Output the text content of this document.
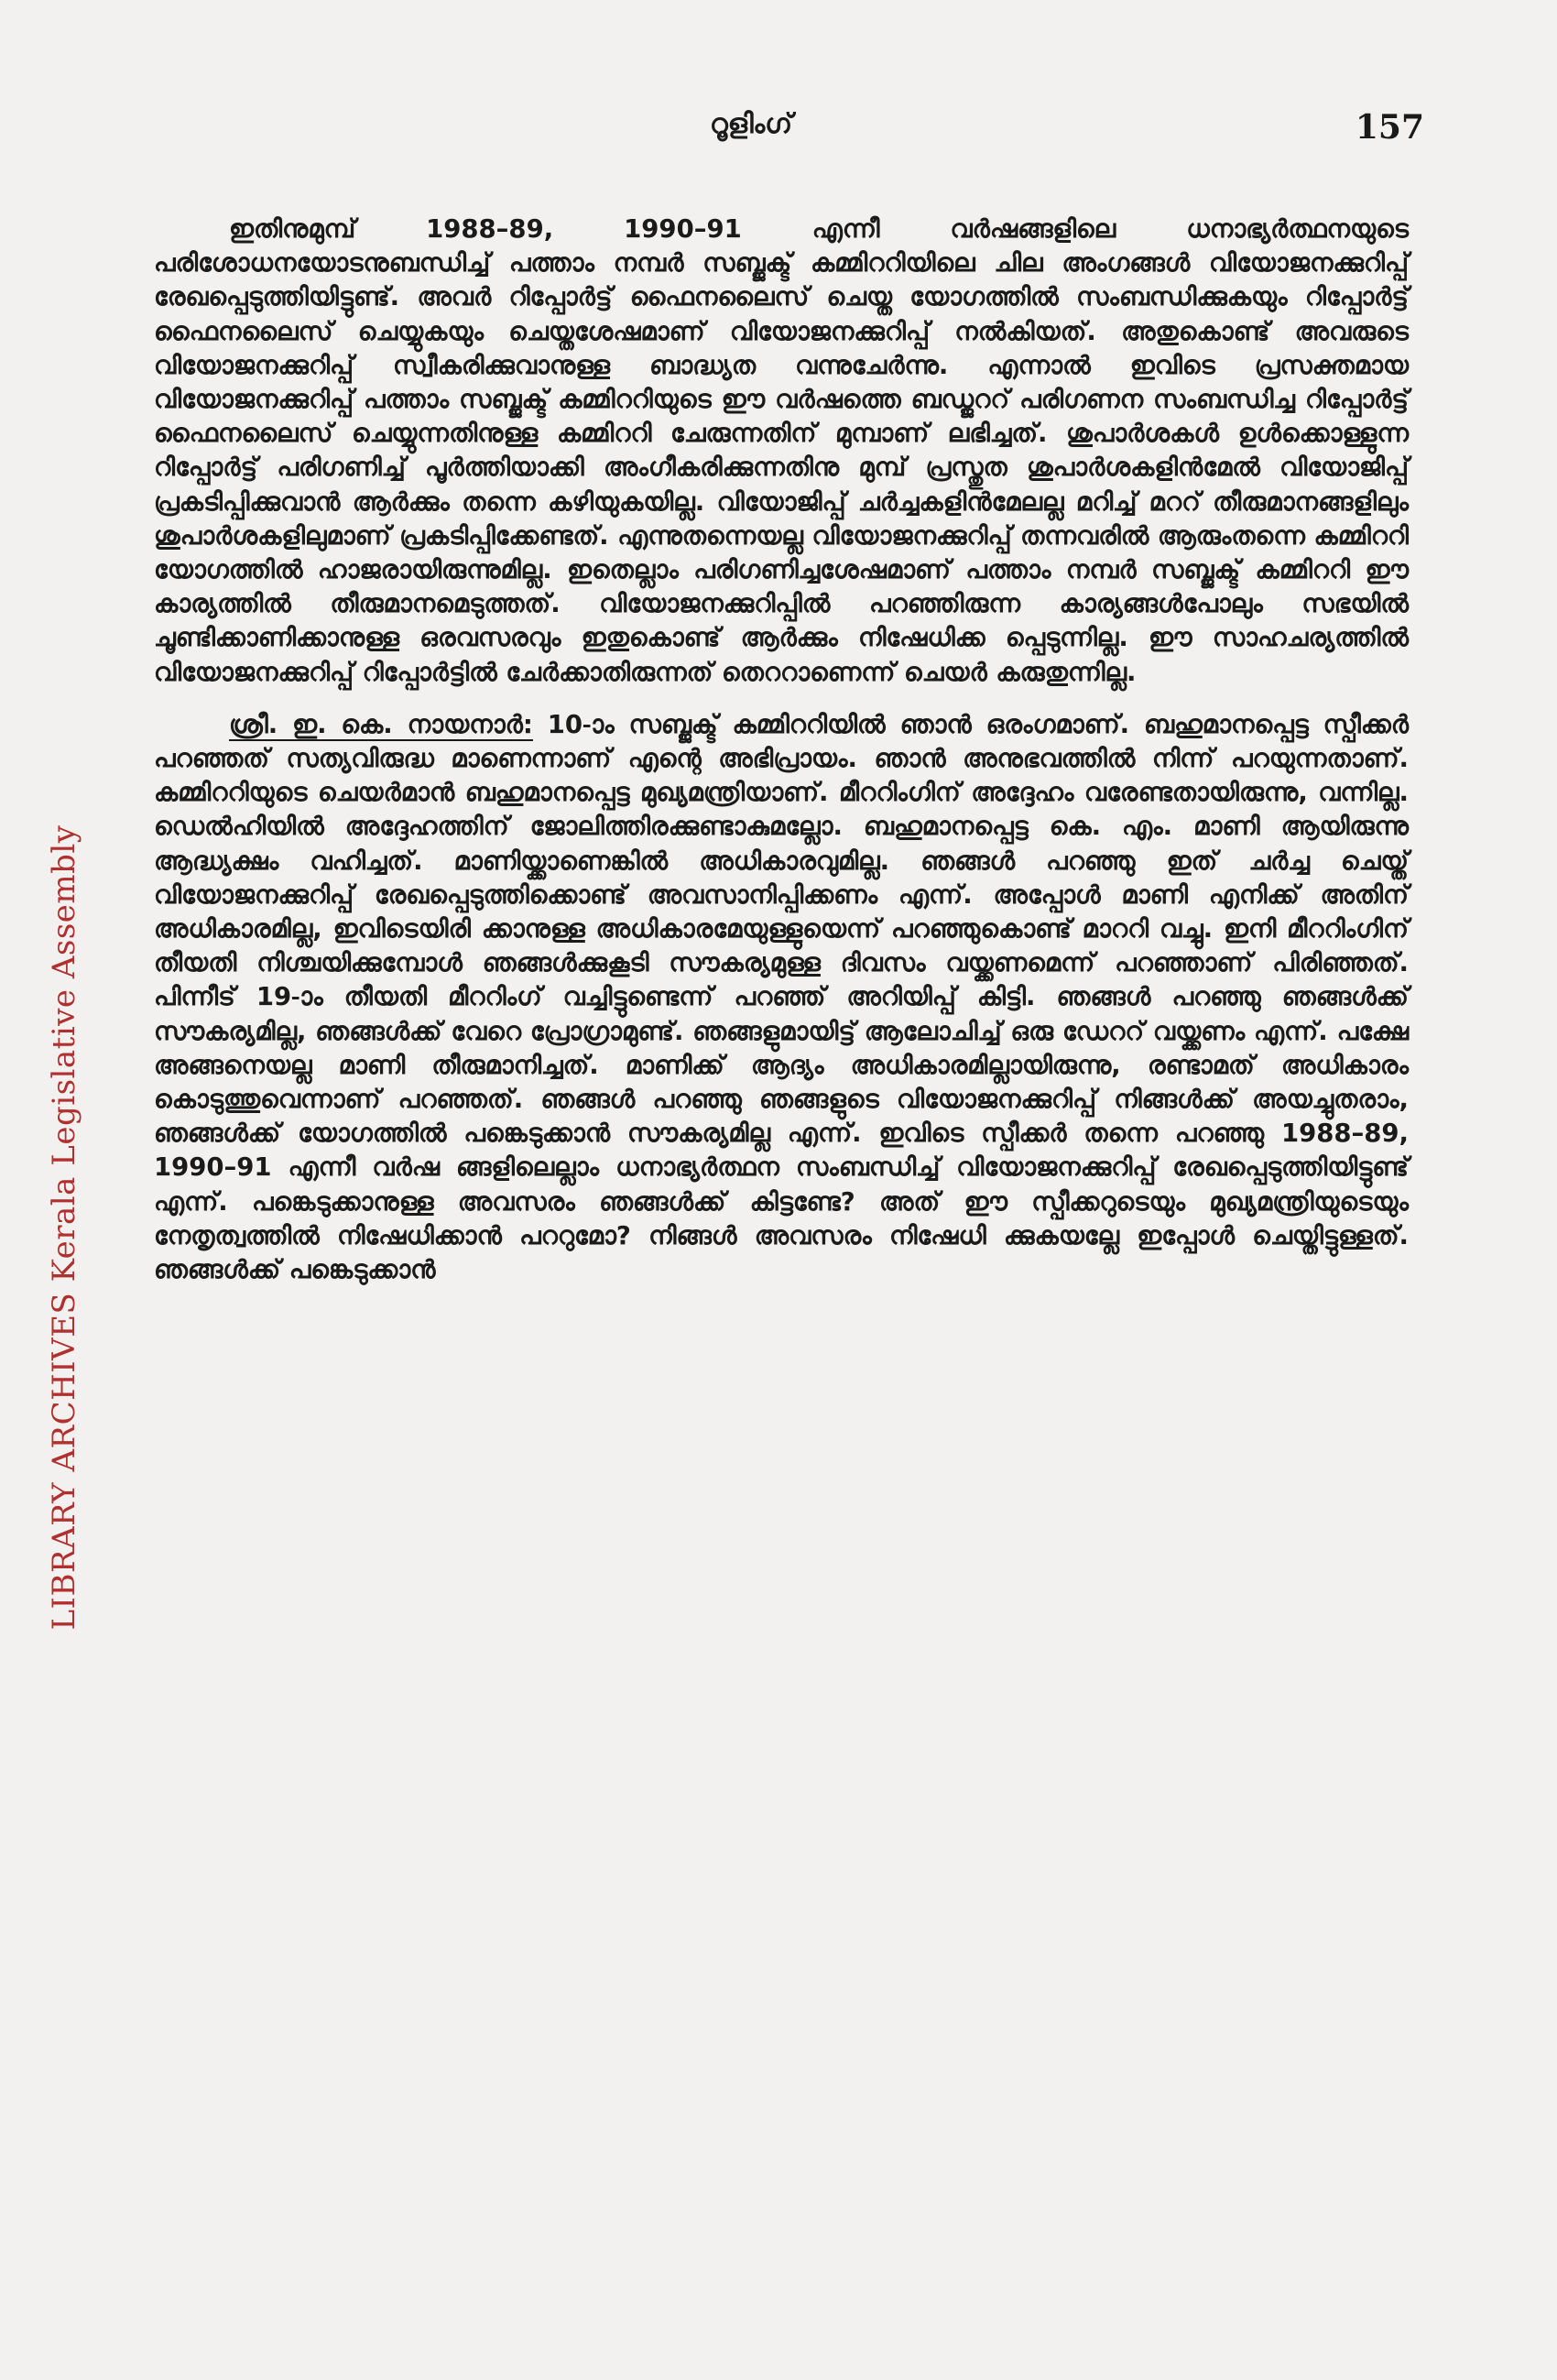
റൂളിംഗ്	157
LIBRARY ARCHIVES Kerala Legislative Assembly

ഇതിനുമുമ്പ് 1988–89, 1990–91 എന്നീ വർഷങ്ങളിലെ ധനാഭ്യർത്ഥനയുടെ പരിശോധനയോടനുബന്ധിച്ച് പത്താം നമ്പർ സബ്ജക്ട് കമ്മിററിയിലെ ചില അംഗങ്ങൾ വിയോജനക്കുറിപ്പ് രേഖപ്പെടുത്തിയിട്ടുണ്ട്. അവർ റിപ്പോർട്ട് ഫൈനലൈസ് ചെയ്ത യോഗത്തിൽ സംബന്ധിക്കുകയും റിപ്പോർട്ട് ഫൈനലൈസ് ചെയ്യുകയും ചെയ്തശേഷമാണ് വിയോജനക്കുറിപ്പ് നൽകിയത്. അതുകൊണ്ട് അവരുടെ വിയോജനക്കുറിപ്പ് സ്വീകരിക്കുവാനുള്ള ബാദ്ധ്യത വന്നുചേർന്നു. എന്നാൽ ഇവിടെ പ്രസക്തമായ വിയോജനക്കുറിപ്പ് പത്താം സബ്ജക്ട് കമ്മിററിയുടെ ഈ വർഷത്തെ ബഡ്ജററ് പരിഗണന സംബന്ധിച്ച റിപ്പോർട്ട് ഫൈനലൈസ് ചെയ്യുന്നതിനുള്ള കമ്മിററി ചേരുന്നതിന് മുമ്പാണ് ലഭിച്ചത്. ശുപാർശകൾ ഉൾക്കൊള്ളുന്ന റിപ്പോർട്ട് പരിഗണിച്ച് പൂർത്തിയാക്കി അംഗീകരിക്കുന്നതിനു മുമ്പ് പ്രസ്തുത ശുപാർശകളിൻമേൽ വിയോജിപ്പ് പ്രകടിപ്പിക്കുവാൻ ആർക്കും തന്നെ കഴിയുകയില്ല. വിയോജിപ്പ് ചർച്ചകളിൻമേലല്ല മറിച്ച് മററ് തീരുമാനങ്ങളിലും ശുപാർശകളിലുമാണ് പ്രകടിപ്പിക്കേണ്ടത്. എന്നുതന്നെയല്ല വിയോജനക്കുറിപ്പ് തന്നവരിൽ ആരുംതന്നെ കമ്മിററി യോഗത്തിൽ ഹാജരായിരുന്നുമില്ല. ഇതെല്ലാം പരിഗണിച്ചശേഷമാണ് പത്താം നമ്പർ സബ്ജക്ട് കമ്മിററി ഈ കാര്യത്തിൽ തീരുമാനമെടുത്തത്. വിയോജനക്കുറിപ്പിൽ പറഞ്ഞിരുന്ന കാര്യങ്ങൾപോലും സഭയിൽ ചൂണ്ടിക്കാണിക്കാനുള്ള ഒരവസരവും ഇതുകൊണ്ട് ആർക്കും നിഷേധിക്ക പ്പെടുന്നില്ല. ഈ സാഹചര്യത്തിൽ വിയോജനക്കുറിപ്പ് റിപ്പോർട്ടിൽ ചേർക്കാതിരുന്നത് തെററാണെന്ന് ചെയർ കരുതുന്നില്ല.

ശ്രീ. ഇ. കെ. നായനാർ: 10-ാം സബ്ജക്ട് കമ്മിററിയിൽ ഞാൻ ഒരംഗമാണ്. ബഹുമാനപ്പെട്ട സ്പീക്കർ പറഞ്ഞത് സത്യവിരുദ്ധ മാണെന്നാണ് എന്റെ അഭിപ്രായം. ഞാൻ അനുഭവത്തിൽ നിന്ന് പറയുന്നതാണ്. കമ്മിററിയുടെ ചെയർമാൻ ബഹുമാനപ്പെട്ട മുഖ്യമന്ത്രിയാണ്. മീററിംഗിന് അദ്ദേഹം വരേണ്ടതായിരുന്നു, വന്നില്ല. ഡെൽഹിയിൽ അദ്ദേഹത്തിന് ജോലിത്തിരക്കുണ്ടാകുമല്ലോ. ബഹുമാനപ്പെട്ട കെ. എം. മാണി ആയിരുന്നു ആദ്ധ്യക്ഷം വഹിച്ചത്. മാണിയ്ക്കാണെങ്കിൽ അധികാരവുമില്ല. ഞങ്ങൾ പറഞ്ഞു ഇത് ചർച്ച ചെയ്ത് വിയോജനക്കുറിപ്പ് രേഖപ്പെടുത്തിക്കൊണ്ട് അവസാനിപ്പിക്കണം എന്ന്. അപ്പോൾ മാണി എനിക്ക് അതിന് അധികാരമില്ല, ഇവിടെയിരി ക്കാനുള്ള അധികാരമേയുള്ളുയെന്ന് പറഞ്ഞുകൊണ്ട് മാററി വച്ചു. ഇനി മീററിംഗിന് തീയതി നിശ്ചയിക്കുമ്പോൾ ഞങ്ങൾക്കുകൂടി സൗകര്യമുള്ള ദിവസം വയ്ക്കണമെന്ന് പറഞ്ഞാണ് പിരിഞ്ഞത്. പിന്നീട് 19-ാം തീയതി മീററിംഗ് വച്ചിട്ടുണ്ടെന്ന് പറഞ്ഞ് അറിയിപ്പ് കിട്ടി. ഞങ്ങൾ പറഞ്ഞു ഞങ്ങൾക്ക് സൗകര്യമില്ല, ഞങ്ങൾക്ക് വേറെ പ്രോഗ്രാമുണ്ട്. ഞങ്ങളുമായിട്ട് ആലോചിച്ച് ഒരു ഡേററ് വയ്ക്കണം എന്ന്. പക്ഷേ അങ്ങനെയല്ല മാണി തീരുമാനിച്ചത്. മാണിക്ക് ആദ്യം അധികാരമില്ലായിരുന്നു, രണ്ടാമത് അധികാരം കൊടുത്തുവെന്നാണ് പറഞ്ഞത്. ഞങ്ങൾ പറഞ്ഞു ഞങ്ങളുടെ വിയോജനക്കുറിപ്പ് നിങ്ങൾക്ക് അയച്ചുതരാം, ഞങ്ങൾക്ക് യോഗത്തിൽ പങ്കെടുക്കാൻ സൗകര്യമില്ല എന്ന്. ഇവിടെ സ്പീക്കർ തന്നെ പറഞ്ഞു 1988–89, 1990–91 എന്നീ വർഷ ങ്ങളിലെല്ലാം ധനാഭ്യർത്ഥന സംബന്ധിച്ച് വിയോജനക്കുറിപ്പ് രേഖപ്പെടുത്തിയിട്ടുണ്ട് എന്ന്. പങ്കെടുക്കാനുള്ള അവസരം ഞങ്ങൾക്ക് കിട്ടണ്ടേ? അത് ഈ സ്പീക്കറുടെയും മുഖ്യമന്ത്രിയുടെയും നേതൃത്വത്തിൽ നിഷേധിക്കാൻ പററുമോ? നിങ്ങൾ അവസരം നിഷേധി ക്കുകയല്ലേ ഇപ്പോൾ ചെയ്തിട്ടുള്ളത്. ഞങ്ങൾക്ക് പങ്കെടുക്കാൻ
